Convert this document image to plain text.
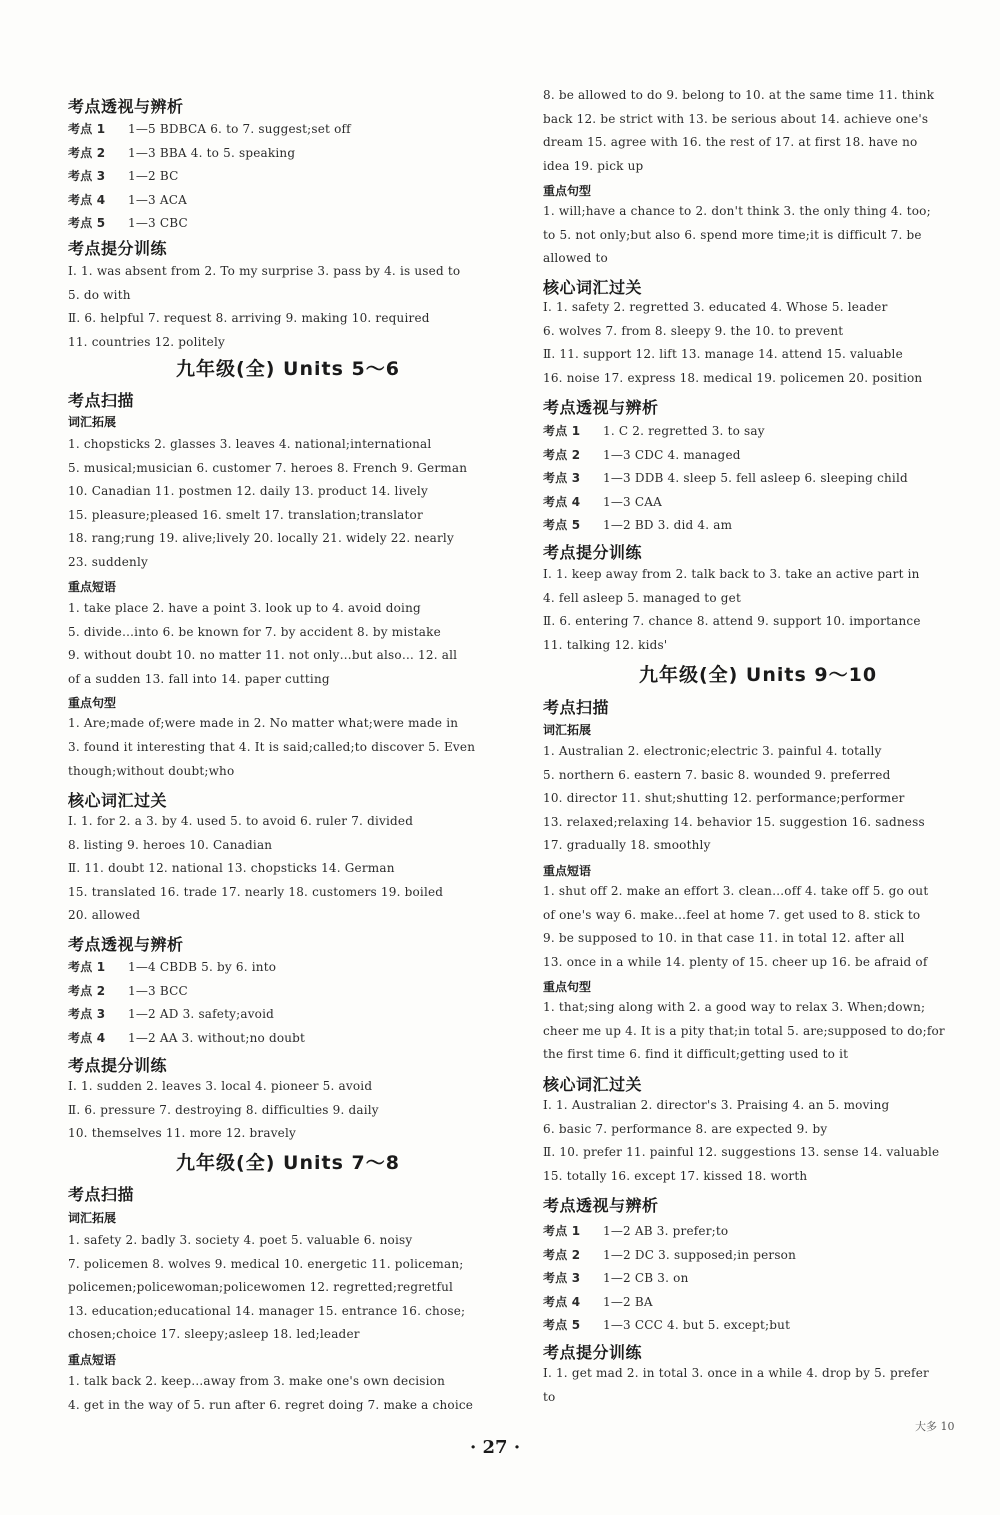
考点透视与辨析
考点 1 1—5 BDBCA 6. to 7. suggest;set off
考点 2 1—3 BBA 4. to 5. speaking
考点 3 1—2 BC
考点 4 1—3 ACA
考点 5 1—3 CBC
考点提分训练
Ⅰ. 1. was absent from 2. To my surprise 3. pass by 4. is used to
5. do with
Ⅱ. 6. helpful 7. request 8. arriving 9. making 10. required
11. countries 12. politely
九年级(全) Units 5～6
考点扫描
词汇拓展
1. chopsticks 2. glasses 3. leaves 4. national;international
5. musical;musician 6. customer 7. heroes 8. French 9. German
10. Canadian 11. postmen 12. daily 13. product 14. lively
15. pleasure;pleased 16. smelt 17. translation;translator
18. rang;rung 19. alive;lively 20. locally 21. widely 22. nearly
23. suddenly
重点短语
1. take place 2. have a point 3. look up to 4. avoid doing
5. divide…into 6. be known for 7. by accident 8. by mistake
9. without doubt 10. no matter 11. not only…but also… 12. all
of a sudden 13. fall into 14. paper cutting
重点句型
1. Are;made of;were made in 2. No matter what;were made in
3. found it interesting that 4. It is said;called;to discover 5. Even
though;without doubt;who
核心词汇过关
Ⅰ. 1. for 2. a 3. by 4. used 5. to avoid 6. ruler 7. divided
8. listing 9. heroes 10. Canadian
Ⅱ. 11. doubt 12. national 13. chopsticks 14. German
15. translated 16. trade 17. nearly 18. customers 19. boiled
20. allowed
考点透视与辨析
考点 1 1—4 CBDB 5. by 6. into
考点 2 1—3 BCC
考点 3 1—2 AD 3. safety;avoid
考点 4 1—2 AA 3. without;no doubt
考点提分训练
Ⅰ. 1. sudden 2. leaves 3. local 4. pioneer 5. avoid
Ⅱ. 6. pressure 7. destroying 8. difficulties 9. daily
10. themselves 11. more 12. bravely
九年级(全) Units 7～8
考点扫描
词汇拓展
1. safety 2. badly 3. society 4. poet 5. valuable 6. noisy
7. policemen 8. wolves 9. medical 10. energetic 11. policeman;
policemen;policewoman;policewomen 12. regretted;regretful
13. education;educational 14. manager 15. entrance 16. chose;
chosen;choice 17. sleepy;asleep 18. led;leader
重点短语
1. talk back 2. keep…away from 3. make one's own decision
4. get in the way of 5. run after 6. regret doing 7. make a choice
8. be allowed to do 9. belong to 10. at the same time 11. think
back 12. be strict with 13. be serious about 14. achieve one's
dream 15. agree with 16. the rest of 17. at first 18. have no
idea 19. pick up
重点句型
1. will;have a chance to 2. don't think 3. the only thing 4. too;
to 5. not only;but also 6. spend more time;it is difficult 7. be
allowed to
核心词汇过关
Ⅰ. 1. safety 2. regretted 3. educated 4. Whose 5. leader
6. wolves 7. from 8. sleepy 9. the 10. to prevent
Ⅱ. 11. support 12. lift 13. manage 14. attend 15. valuable
16. noise 17. express 18. medical 19. policemen 20. position
考点透视与辨析
考点 1 1. C 2. regretted 3. to say
考点 2 1—3 CDC 4. managed
考点 3 1—3 DDB 4. sleep 5. fell asleep 6. sleeping child
考点 4 1—3 CAA
考点 5 1—2 BD 3. did 4. am
考点提分训练
Ⅰ. 1. keep away from 2. talk back to 3. take an active part in
4. fell asleep 5. managed to get
Ⅱ. 6. entering 7. chance 8. attend 9. support 10. importance
11. talking 12. kids'
九年级(全) Units 9～10
考点扫描
词汇拓展
1. Australian 2. electronic;electric 3. painful 4. totally
5. northern 6. eastern 7. basic 8. wounded 9. preferred
10. director 11. shut;shutting 12. performance;performer
13. relaxed;relaxing 14. behavior 15. suggestion 16. sadness
17. gradually 18. smoothly
重点短语
1. shut off 2. make an effort 3. clean…off 4. take off 5. go out
of one's way 6. make…feel at home 7. get used to 8. stick to
9. be supposed to 10. in that case 11. in total 12. after all
13. once in a while 14. plenty of 15. cheer up 16. be afraid of
重点句型
1. that;sing along with 2. a good way to relax 3. When;down;
cheer me up 4. It is a pity that;in total 5. are;supposed to do;for
the first time 6. find it difficult;getting used to it
核心词汇过关
Ⅰ. 1. Australian 2. director's 3. Praising 4. an 5. moving
6. basic 7. performance 8. are expected 9. by
Ⅱ. 10. prefer 11. painful 12. suggestions 13. sense 14. valuable
15. totally 16. except 17. kissed 18. worth
考点透视与辨析
考点 1 1—2 AB 3. prefer;to
考点 2 1—2 DC 3. supposed;in person
考点 3 1—2 CB 3. on
考点 4 1—2 BA
考点 5 1—3 CCC 4. but 5. except;but
考点提分训练
Ⅰ. 1. get mad 2. in total 3. once in a while 4. drop by 5. prefer
to
· 27 ·
大多 10
